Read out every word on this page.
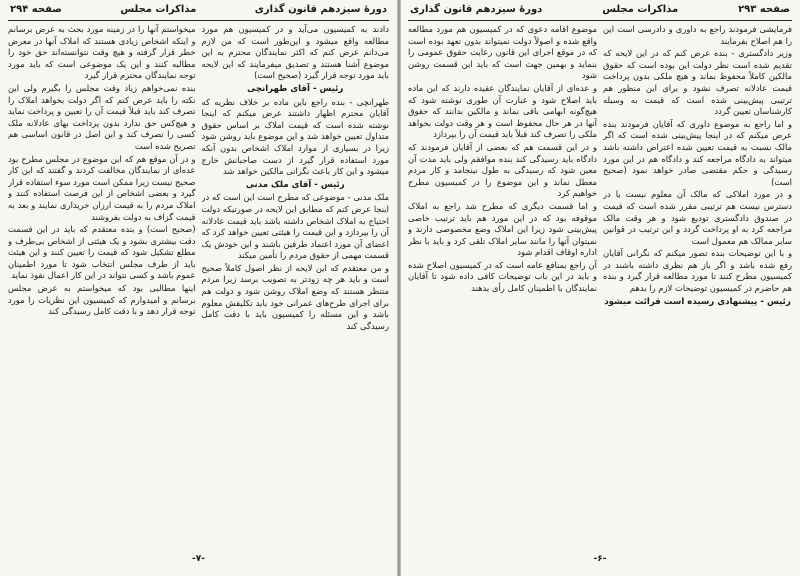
دورهٔ سیزدهم قانون گذاری
مذاکرات مجلس
صفحه ۲۹۴

دادند به کمیسیون می‌آید و در کمیسیون هم مورد مطالعه واقع میشود و این‌طور است که من لازم می‌دانم عرض کنم که اکثر نمایندگان محترم به این موضوع آشنا هستند و تصدیق میفرمایند که این لایحه باید مورد توجه قرار گیرد (صحیح است)

رئیس - آقای طهرانچی

طهرانچی - بنده راجع باین ماده بر خلاف نظریه که آقایان محترم اظهار داشتند عرض میکنم که اینجا نوشته شده است که قیمت املاک بر اساس حقوق متداول تعیین خواهد شد و این موضوع باید روشن شود زیرا در بسیاری از موارد املاک اشخاص بدون آنکه مورد استفاده قرار گیرد از دست صاحبانش خارج میشود و این کار باعث نگرانی مالکین خواهد شد

رئیس - آقای ملک مدنی

ملک مدنی - موضوعی که مطرح است این است که در اینجا عرض کنم که مطابق این لایحه در صورتیکه دولت احتیاج به املاک اشخاص داشته باشد باید قیمت عادلانه آن را بپردازد و این قیمت را هیئتی تعیین خواهد کرد که اعضای آن مورد اعتماد طرفین باشند و این خودش یک قسمت مهمی از حقوق مردم را تأمین میکند

و من معتقدم که این لایحه از نظر اصول کاملاً صحیح است و باید هر چه زودتر به تصویب برسد زیرا مردم منتظر هستند که وضع املاک روشن شود و دولت هم برای اجرای طرح‌های عمرانی خود باید تکلیفش معلوم باشد و این مسئله را کمیسیون باید با دقت کامل رسیدگی کند

میخواستم آنها را در زمینه مورد بحث به عرض برسانم و اینکه اشخاص زیادی هستند که املاک آنها در معرض خطر قرار گرفته و هیچ وقت نتوانسته‌اند حق خود را مطالبه کنند و این یک موضوعی است که باید مورد توجه نمایندگان محترم قرار گیرد

بنده نمی‌خواهم زیاد وقت مجلس را بگیرم ولی این نکته را باید عرض کنم که اگر دولت بخواهد املاک را تصرف کند باید قبلاً قیمت آن را تعیین و پرداخت نماید و هیچ‌کس حق ندارد بدون پرداخت بهای عادلانه ملک کسی را تصرف کند و این اصل در قانون اساسی هم تصریح شده است

و در آن موقع هم که این موضوع در مجلس مطرح بود عده‌ای از نمایندگان مخالفت کردند و گفتند که این کار صحیح نیست زیرا ممکن است مورد سوء استفاده قرار گیرد و بعضی اشخاص از این فرصت استفاده کنند و املاک مردم را به قیمت ارزان خریداری نمایند و بعد به قیمت گزاف به دولت بفروشند

(صحیح است) و بنده معتقدم که باید در این قسمت دقت بیشتری بشود و یک هیئتی از اشخاص بی‌طرف و مطلع تشکیل شود که قیمت را تعیین کنند و این هیئت باید از طرف مجلس انتخاب شود تا مورد اطمینان عموم باشد و کسی نتواند در این کار اعمال نفوذ نماید

اینها مطالبی بود که میخواستم به عرض مجلس برسانم و امیدوارم که کمیسیون این نظریات را مورد توجه قرار دهد و با دقت کامل رسیدگی کند

-۷-
صفحه ۲۹۳
مذاکرات مجلس
دورهٔ سیزدهم قانون گذاری

فرمایشی فرمودند راجع به داوری و دادرسی است این را هم اصلاح بفرمایند

وزیر دادگستری - بنده عرض کنم که در این لایحه که تقدیم شده است نظر دولت این بوده است که حقوق مالکین کاملاً محفوظ بماند و هیچ ملکی بدون پرداخت قیمت عادلانه تصرف نشود و برای این منظور هم ترتیبی پیش‌بینی شده است که قیمت به وسیله کارشناسان تعیین گردد

و اما راجع به موضوع داوری که آقایان فرمودند بنده عرض میکنم که در اینجا پیش‌بینی شده است که اگر مالک نسبت به قیمت تعیین شده اعتراض داشته باشد میتواند به دادگاه مراجعه کند و دادگاه هم در این مورد رسیدگی و حکم مقتضی صادر خواهد نمود (صحیح است)

و در مورد املاکی که مالک آن معلوم نیست یا در دسترس نیست هم ترتیبی مقرر شده است که قیمت در صندوق دادگستری تودیع شود و هر وقت مالک مراجعه کرد به او پرداخت گردد و این ترتیب در قوانین سایر ممالک هم معمول است

و با این توضیحات بنده تصور میکنم که نگرانی آقایان رفع شده باشد و اگر باز هم نظری داشته باشند در کمیسیون مطرح کنند تا مورد مطالعه قرار گیرد و بنده هم حاضرم در کمیسیون توضیحات لازم را بدهم

رئیس - پیشنهادی رسیده است قرائت میشود

موضوع اقامه دعوی که در کمیسیون هم مورد مطالعه واقع شده و اصولاً دولت نمیتواند بدون تعهد بوده است که در موقع اجرای این قانون رعایت حقوق عمومی را بنماید و بهمین جهت است که باید این قسمت روشن شود

و عده‌ای از آقایان نمایندگان عقیده دارند که این ماده باید اصلاح شود و عبارت آن طوری نوشته شود که هیچ‌گونه ابهامی باقی نماند و مالکین بدانند که حقوق آنها در هر حال محفوظ است و هر وقت دولت بخواهد ملکی را تصرف کند قبلاً باید قیمت آن را بپردازد

و در این قسمت هم که بعضی از آقایان فرمودند که دادگاه باید رسیدگی کند بنده موافقم ولی باید مدت آن معین شود که رسیدگی به طول نینجامد و کار مردم معطل نماند و این موضوع را در کمیسیون مطرح خواهیم کرد

و اما قسمت دیگری که مطرح شد راجع به املاک موقوفه بود که در این مورد هم باید ترتیب خاصی پیش‌بینی شود زیرا این املاک وضع مخصوصی دارند و نمیتوان آنها را مانند سایر املاک تلقی کرد و باید با نظر اداره اوقاف اقدام شود

آن راجع بمنافع عامه است که در کمیسیون اصلاح شده و باید در این باب توضیحات کافی داده شود تا آقایان نمایندگان با اطمینان کامل رأی بدهند

-۶-
